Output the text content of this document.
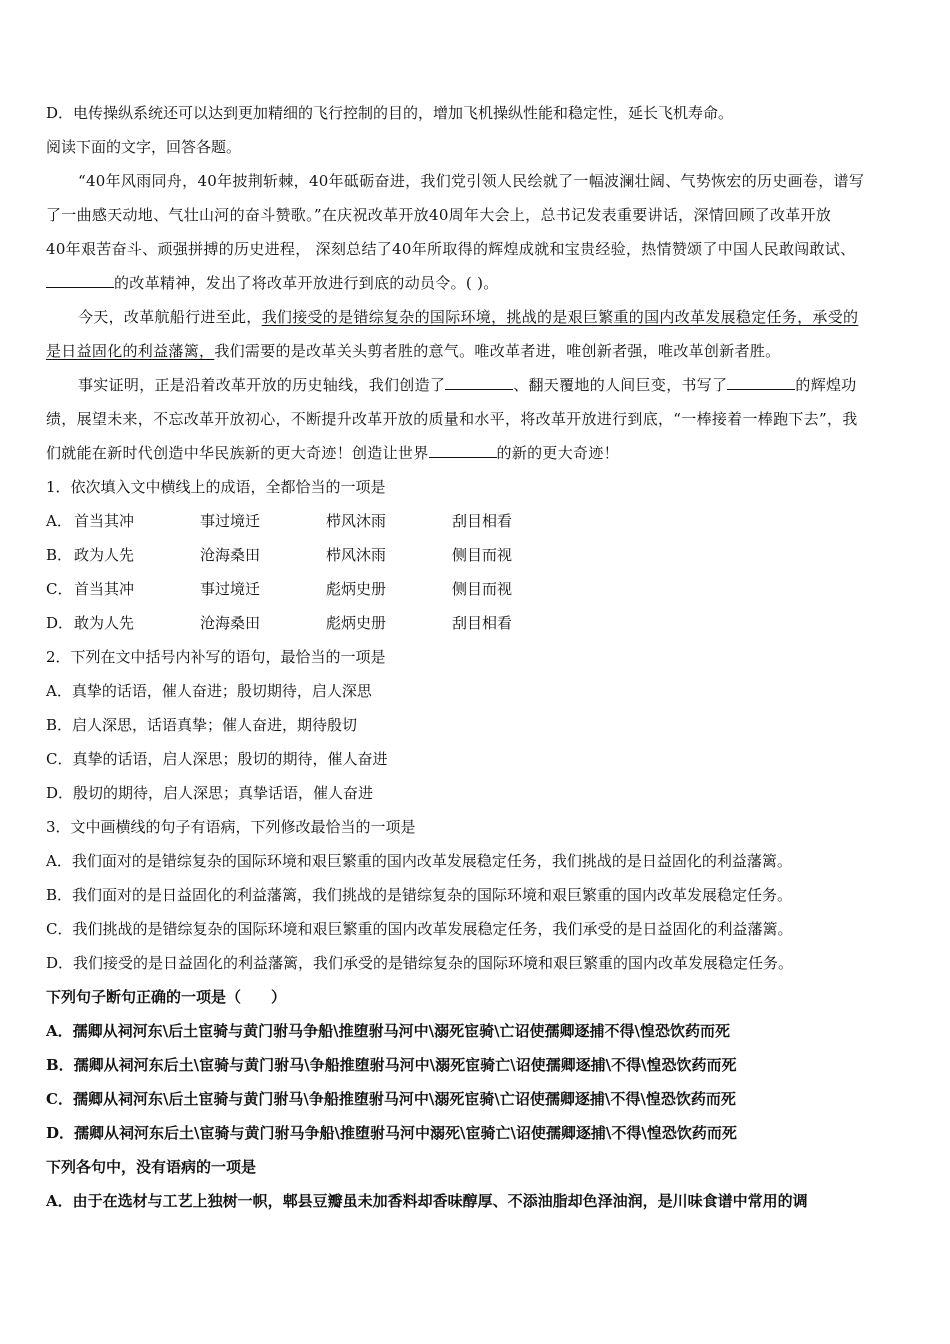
D．电传操纵系统还可以达到更加精细的飞行控制的目的，增加飞机操纵性能和稳定性，延长飞机寿命。
阅读下面的文字，回答各题。
“40年风雨同舟，40年披荆斩棘，40年砥砺奋进，我们党引领人民绘就了一幅波澜壮阔、气势恢宏的历史画卷，谱写
了一曲感天动地、气壮山河的奋斗赞歌。”在庆祝改革开放40周年大会上，总书记发表重要讲话，深情回顾了改革开放
40年艰苦奋斗、顽强拼搏的历史进程， 深刻总结了40年所取得的辉煌成就和宝贵经验，热情赞颂了中国人民敢闯敢试、
的改革精神，发出了将改革开放进行到底的动员令。( )。
今天，改革航船行进至此，我们接受的是错综复杂的国际环境，挑战的是艰巨繁重的国内改革发展稳定任务，承受的
是日益固化的利益藩篱，我们需要的是改革关头剪者胜的意气。唯改革者进，唯创新者强，唯改革创新者胜。
事实证明，正是沿着改革开放的历史轴线，我们创造了	、翻天覆地的人间巨变，书写了	的辉煌功
绩，展望未来，不忘改革开放初心，不断提升改革开放的质量和水平，将改革开放进行到底，“一棒接着一棒跑下去”，我
们就能在新时代创造中华民族新的更大奇迹！创造让世界	的新的更大奇迹！
1．依次填入文中横线上的成语，全都恰当的一项是
A． 首当其冲	事过境迁	栉风沐雨	刮目相看
B． 政为人先	沧海桑田	栉风沐雨	侧目而视
C． 首当其冲	事过境迁	彪炳史册	侧目而视
D． 敢为人先	沧海桑田	彪炳史册	刮目相看
2．下列在文中括号内补写的语句，最恰当的一项是
A．真挚的话语，催人奋进；殷切期待，启人深思
B．启人深思，话语真挚；催人奋进，期待殷切
C．真挚的话语，启人深思；殷切的期待，催人奋进
D．殷切的期待，启人深思；真挚话语，催人奋进
3．文中画横线的句子有语病，下列修改最恰当的一项是
A．我们面对的是错综复杂的国际环境和艰巨繁重的国内改革发展稳定任务，我们挑战的是日益固化的利益藩篱。
B．我们面对的是日益固化的利益藩篱，我们挑战的是错综复杂的国际环境和艰巨繁重的国内改革发展稳定任务。
C．我们挑战的是错综复杂的国际环境和艰巨繁重的国内改革发展稳定任务，我们承受的是日益固化的利益藩篱。
D．我们接受的是日益固化的利益藩篱，我们承受的是错综复杂的国际环境和艰巨繁重的国内改革发展稳定任务。
下列句子断句正确的一项是（　　）
A．孺卿从祠河东\后土宦骑与黄门驸马争船\推堕驸马河中\溺死宦骑\亡诏使孺卿逐捕不得\惶恐饮药而死
B．孺卿从祠河东后土\宦骑与黄门驸马\争船推堕驸马河中\溺死宦骑亡\诏使孺卿逐捕\不得\惶恐饮药而死
C．孺卿从祠河东\后土宦骑与黄门驸马\争船推堕驸马河中\溺死宦骑\亡诏使孺卿逐捕\不得\惶恐饮药而死
D．孺卿从祠河东后土\宦骑与黄门驸马争船\推堕驸马河中溺死\宦骑亡\诏使孺卿逐捕\不得\惶恐饮药而死
下列各句中，没有语病的一项是
A．由于在选材与工艺上独树一帜，郫县豆瓣虽未加香料却香味醇厚、不添油脂却色泽油润，是川味食谱中常用的调
